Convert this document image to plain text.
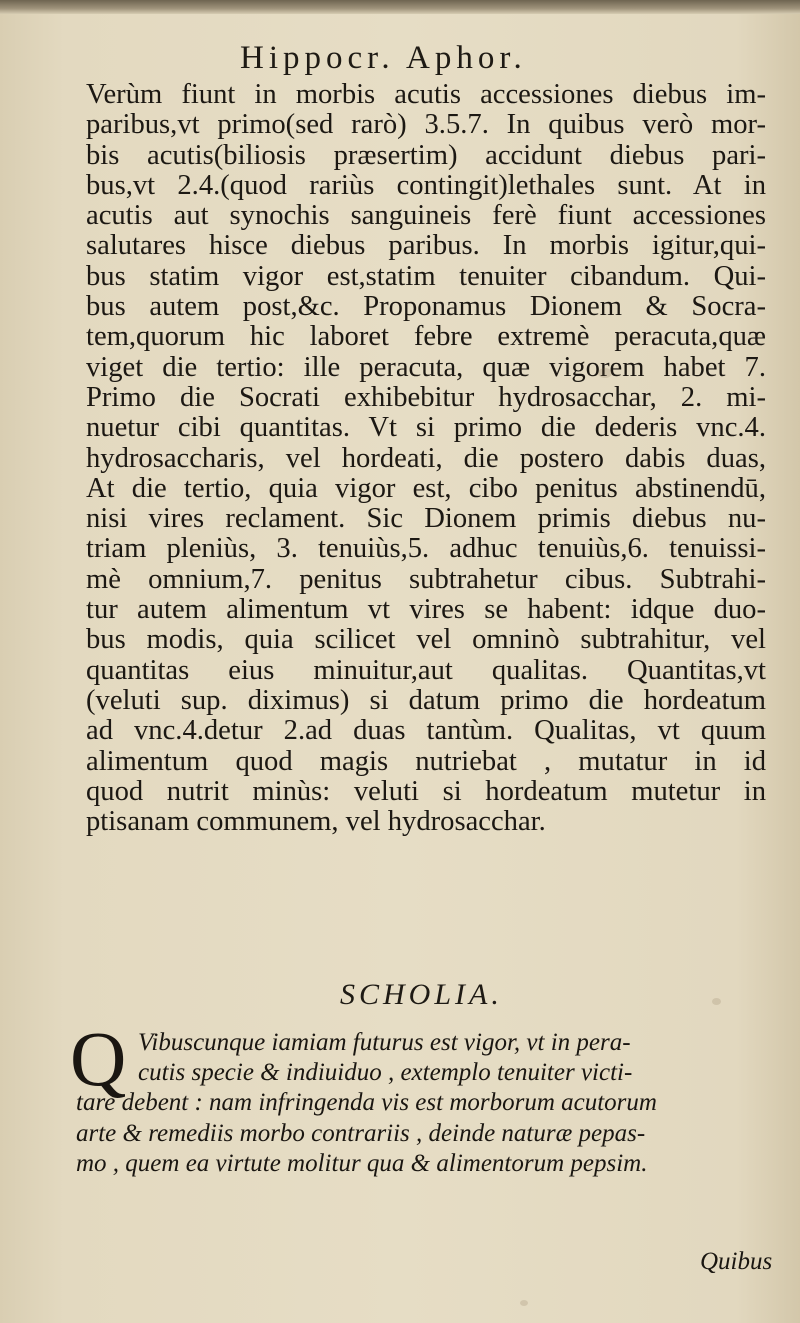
Hippocr. Aphor.
Verùm fiunt in morbis acutis accessiones diebus im-
paribus,vt primo(sed rarò) 3.5.7. In quibus verò mor-
bis acutis(biliosis præsertim) accidunt diebus pari-
bus,vt 2.4.(quod rariùs contingit)lethales sunt. At in
acutis aut synochis sanguineis ferè fiunt accessiones
salutares hisce diebus paribus. In morbis igitur,qui-
bus statim vigor est,statim tenuiter cibandum. Qui-
bus autem post,&c. Proponamus Dionem & Socra-
tem,quorum hic laboret febre extremè peracuta,quæ
viget die tertio: ille peracuta, quæ vigorem habet 7.
Primo die Socrati exhibebitur hydrosacchar, 2. mi-
nuetur cibi quantitas. Vt si primo die dederis vnc.4.
hydrosaccharis, vel hordeati, die postero dabis duas,
At die tertio, quia vigor est, cibo penitus abstinendū,
nisi vires reclament. Sic Dionem primis diebus nu-
triam pleniùs, 3. tenuiùs,5. adhuc tenuiùs,6. tenuissi-
mè omnium,7. penitus subtrahetur cibus. Subtrahi-
tur autem alimentum vt vires se habent: idque duo-
bus modis, quia scilicet vel omninò subtrahitur, vel
quantitas eius minuitur,aut qualitas. Quantitas,vt
(veluti sup. diximus) si datum primo die hordeatum
ad vnc.4.detur 2.ad duas tantùm. Qualitas, vt quum
alimentum quod magis nutriebat , mutatur in id
quod nutrit minùs: veluti si hordeatum mutetur in
ptisanam communem, vel hydrosacchar.
SCHOLIA.
Q Vibuscunque iamiam futurus est vigor, vt in pera-
cutis specie & indiuiduo , extemplo tenuiter victi-
tare debent : nam infringenda vis est morborum acutorum
arte & remediis morbo contrariis , deinde naturæ pepas-
mo , quem ea virtute molitur qua & alimentorum pepsim.
Quibus
